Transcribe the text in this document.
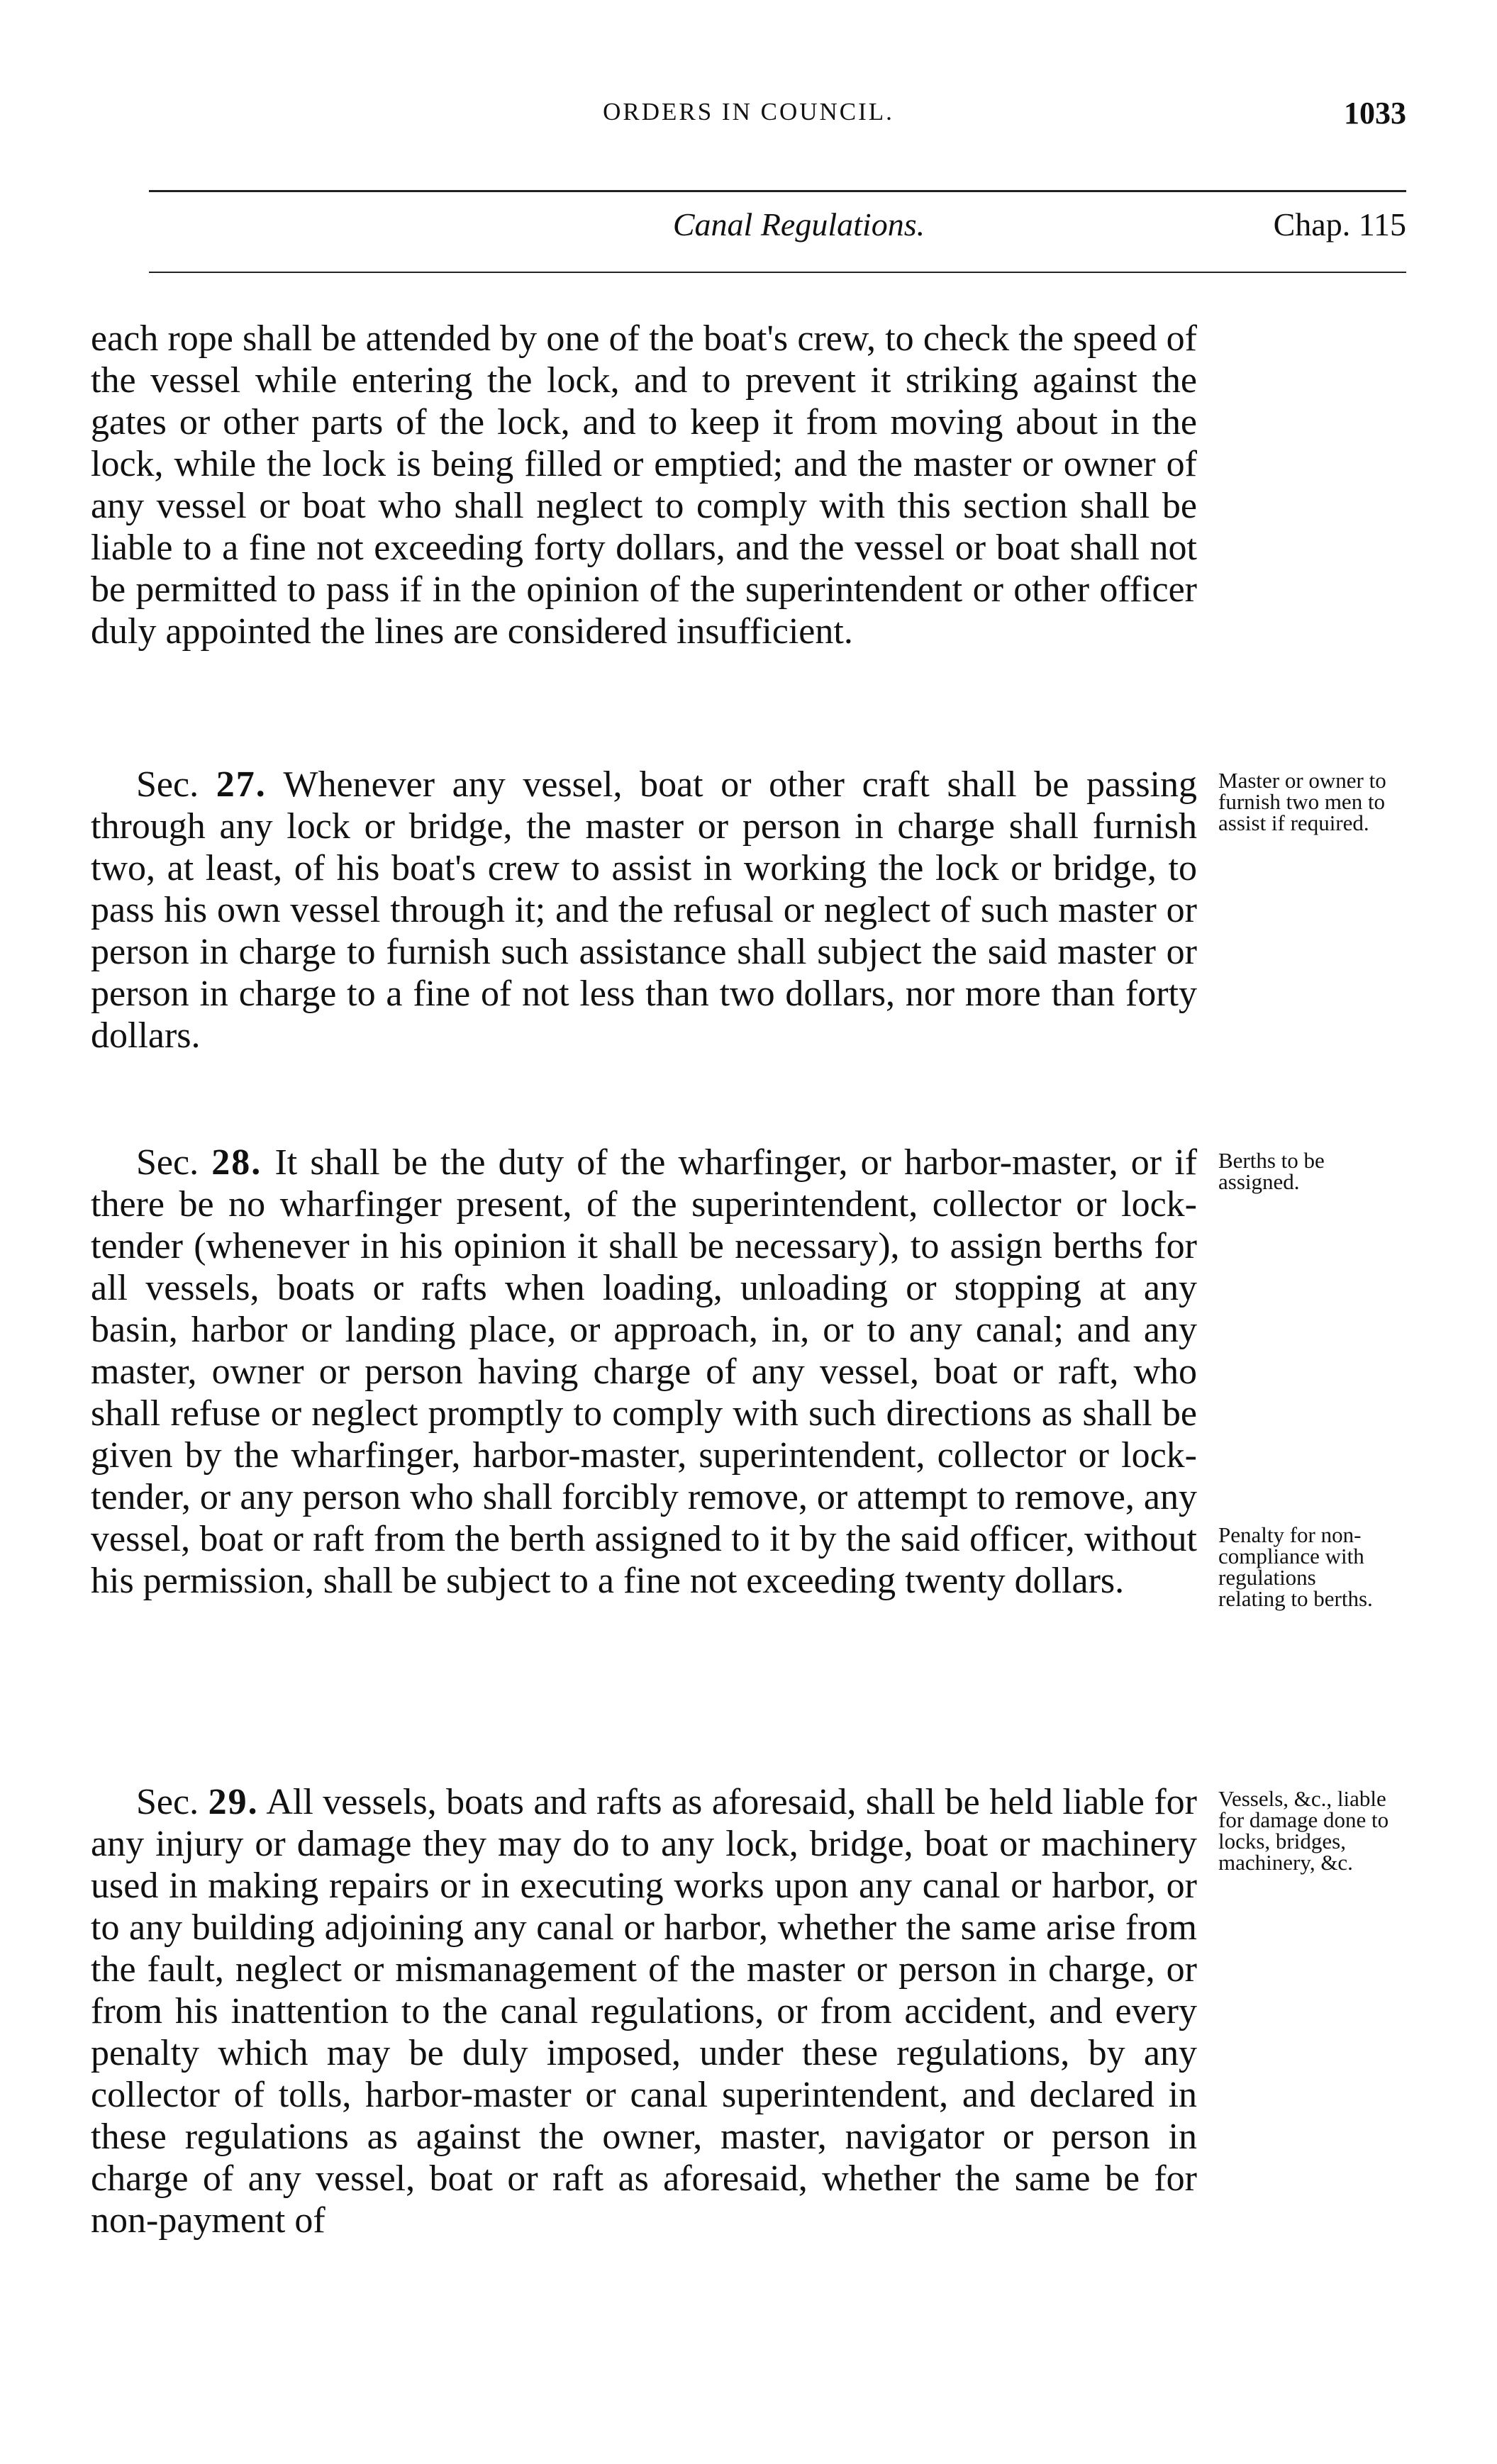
ORDERS IN COUNCIL.	1033
Canal Regulations.	Chap. 115

each rope shall be attended by one of the boat's crew, to check the speed of the vessel while entering the lock, and to prevent it striking against the gates or other parts of the lock, and to keep it from moving about in the lock, while the lock is being filled or emptied; and the master or owner of any vessel or boat who shall neglect to comply with this section shall be liable to a fine not exceeding forty dollars, and the vessel or boat shall not be permitted to pass if in the opinion of the superintendent or other officer duly appointed the lines are considered insufficient.

Sec. 27. Whenever any vessel, boat or other craft shall be passing through any lock or bridge, the master or person in charge shall furnish two, at least, of his boat's crew to assist in working the lock or bridge, to pass his own vessel through it; and the refusal or neglect of such master or person in charge to furnish such assistance shall subject the said master or person in charge to a fine of not less than two dollars, nor more than forty dollars.

Master or owner to furnish two men to assist if required.

Sec. 28. It shall be the duty of the wharfinger, or harbor-master, or if there be no wharfinger present, of the superintendent, collector or lock-tender (whenever in his opinion it shall be necessary), to assign berths for all vessels, boats or rafts when loading, unloading or stopping at any basin, harbor or landing place, or approach, in, or to any canal; and any master, owner or person having charge of any vessel, boat or raft, who shall refuse or neglect promptly to comply with such directions as shall be given by the wharfinger, harbor-master, superintendent, collector or lock-tender, or any person who shall forcibly remove, or attempt to remove, any vessel, boat or raft from the berth assigned to it by the said officer, without his permission, shall be subject to a fine not exceeding twenty dollars.

Berths to be assigned.
Penalty for non-compliance with regulations relating to berths.

Sec. 29. All vessels, boats and rafts as aforesaid, shall be held liable for any injury or damage they may do to any lock, bridge, boat or machinery used in making repairs or in executing works upon any canal or harbor, or to any building adjoining any canal or harbor, whether the same arise from the fault, neglect or mismanagement of the master or person in charge, or from his inattention to the canal regulations, or from accident, and every penalty which may be duly imposed, under these regulations, by any collector of tolls, harbor-master or canal superintendent, and declared in these regulations as against the owner, master, navigator or person in charge of any vessel, boat or raft as aforesaid, whether the same be for non-payment of

Vessels, &c., liable for damage done to locks, bridges, machinery, &c.
